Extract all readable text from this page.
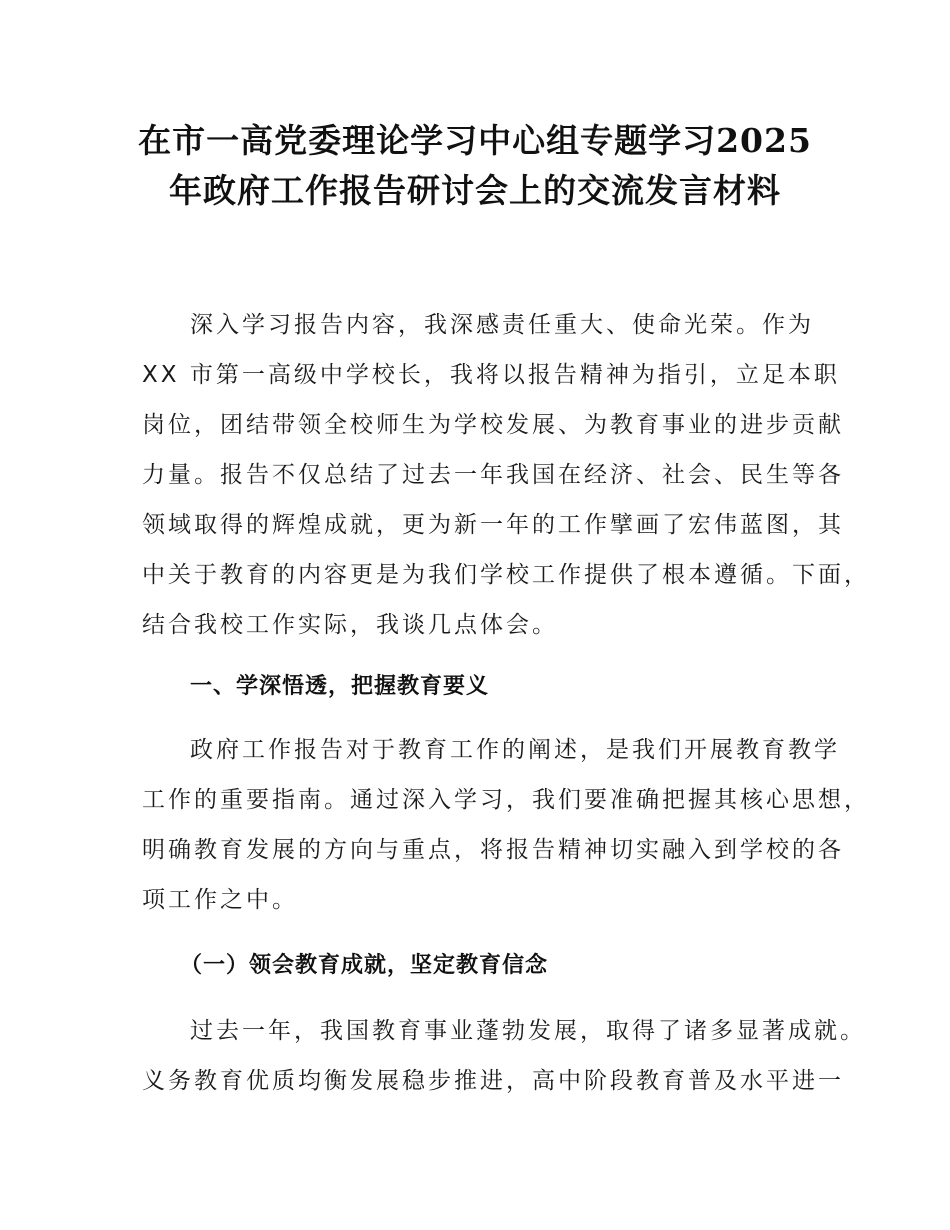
在市一高党委理论学习中心组专题学习2025
年政府工作报告研讨会上的交流发言材料

深入学习报告内容，我深感责任重大、使命光荣。作为
XX 市第一高级中学校长，我将以报告精神为指引，立足本职
岗位，团结带领全校师生为学校发展、为教育事业的进步贡献
力量。报告不仅总结了过去一年我国在经济、社会、民生等各
领域取得的辉煌成就，更为新一年的工作擘画了宏伟蓝图，其
中关于教育的内容更是为我们学校工作提供了根本遵循。下面，
结合我校工作实际，我谈几点体会。

一、学深悟透，把握教育要义

政府工作报告对于教育工作的阐述，是我们开展教育教学
工作的重要指南。通过深入学习，我们要准确把握其核心思想，
明确教育发展的方向与重点，将报告精神切实融入到学校的各
项工作之中。

（一）领会教育成就，坚定教育信念

过去一年，我国教育事业蓬勃发展，取得了诸多显著成就。
义务教育优质均衡发展稳步推进，高中阶段教育普及水平进一
